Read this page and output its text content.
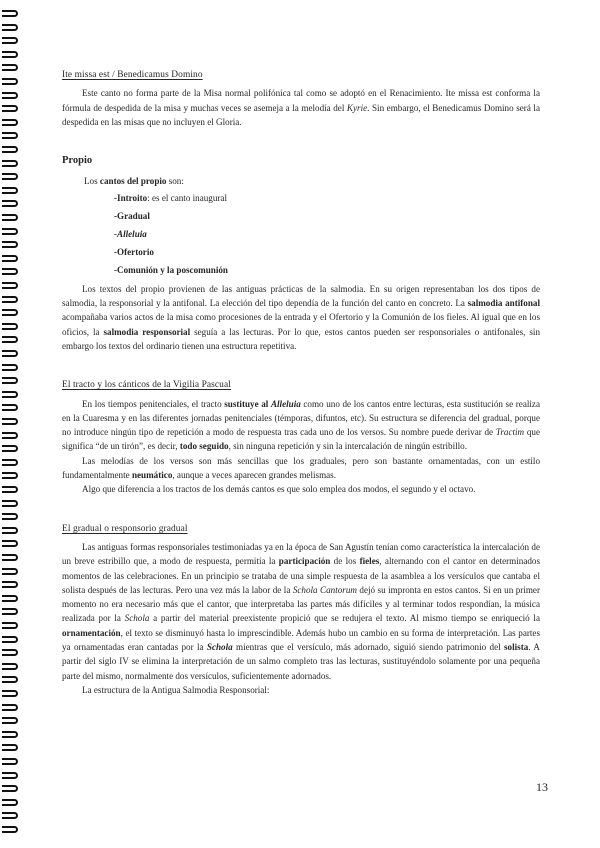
Ite missa est / Benedicamus Domino

Este canto no forma parte de la Misa normal polifónica tal como se adoptó en el Renacimiento. Ite missa est conforma la fórmula de despedida de la misa y muchas veces se asemeja a la melodía del Kyrie. Sin embargo, el Benedicamus Domino será la despedida en las misas que no incluyen el Gloria.

Propio

Los cantos del propio son:

-Introito: es el canto inaugural
-Gradual
-Alleluia
-Ofertorio
-Comunión y la poscomunión

Los textos del propio provienen de las antiguas prácticas de la salmodia. En su origen representaban los dos tipos de salmodia, la responsorial y la antifonal. La elección del tipo dependía de la función del canto en concreto. La salmodia antifonal acompañaba varios actos de la misa como procesiones de la entrada y el Ofertorio y la Comunión de los fieles. Al igual que en los oficios, la salmodia responsorial seguía a las lecturas. Por lo que, estos cantos pueden ser responsoriales o antifonales, sin embargo los textos del ordinario tienen una estructura repetitiva.

El tracto y los cánticos de la Vigilia Pascual

En los tiempos penitenciales, el tracto sustituye al Alleluia como uno de los cantos entre lecturas, esta sustitución se realiza en la Cuaresma y en las diferentes jornadas penitenciales (témporas, difuntos, etc). Su estructura se diferencia del gradual, porque no introduce ningún tipo de repetición a modo de respuesta tras cada uno de los versos. Su nombre puede derivar de Tractim que significa “de un tirón”, es decir, todo seguido, sin ninguna repetición y sin la intercalación de ningún estribillo.

Las melodías de los versos son más sencillas que los graduales, pero son bastante ornamentadas, con un estilo fundamentalmente neumático, aunque a veces aparecen grandes melismas.

Algo que diferencia a los tractos de los demás cantos es que solo emplea dos modos, el segundo y el octavo.

El gradual o responsorio gradual

Las antiguas formas responsoriales testimoniadas ya en la época de San Agustín tenían como característica la intercalación de un breve estribillo que, a modo de respuesta, permitía la participación de los fieles, alternando con el cantor en determinados momentos de las celebraciones. En un principio se trataba de una simple respuesta de la asamblea a los versículos que cantaba el solista después de las lecturas. Pero una vez más la labor de la Schola Cantorum dejó su impronta en estos cantos. Si en un primer momento no era necesario más que el cantor, que interpretaba las partes más difíciles y al terminar todos respondían, la música realizada por la Schola a partir del material preexistente propició que se redujera el texto. Al mismo tiempo se enriqueció la ornamentación, el texto se disminuyó hasta lo imprescindible. Además hubo un cambio en su forma de interpretación. Las partes ya ornamentadas eran cantadas por la Schola mientras que el versículo, más adornado, siguió siendo patrimonio del solista. A partir del siglo IV se elimina la interpretación de un salmo completo tras las lecturas, sustituyéndolo solamente por una pequeña parte del mismo, normalmente dos versículos, suficientemente adornados.

La estructura de la Antigua Salmodia Responsorial:

13
